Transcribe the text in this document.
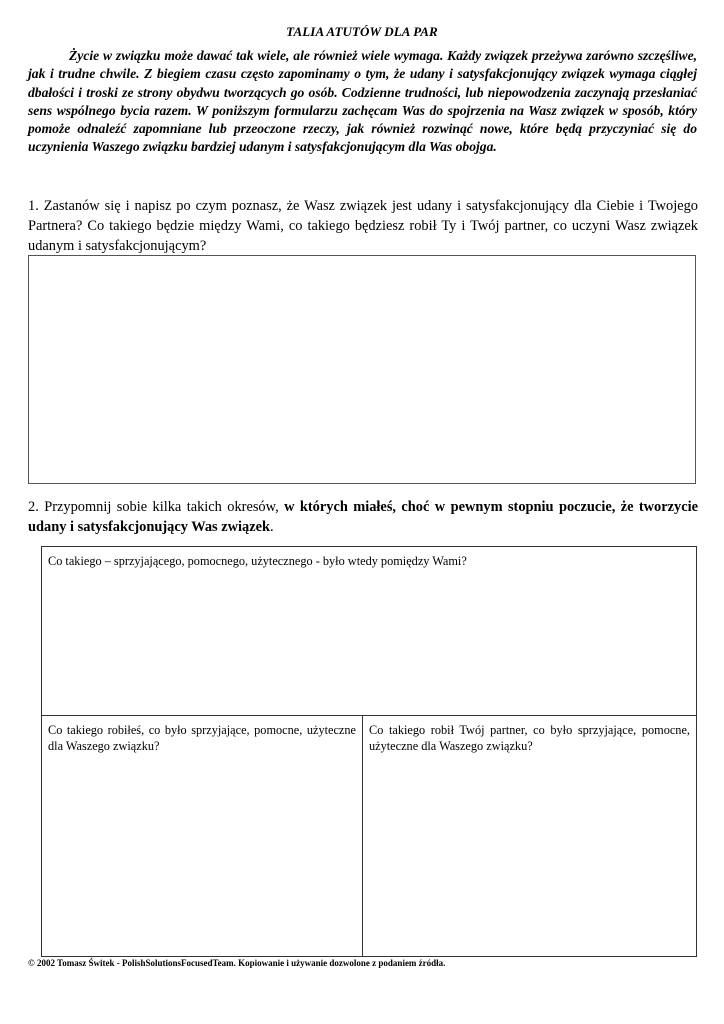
TALIA ATUTÓW DLA PAR

Życie w związku może dawać tak wiele, ale również wiele wymaga. Każdy związek przeżywa zarówno szczęśliwe, jak i trudne chwile. Z biegiem czasu często zapominamy o tym, że udany i satysfakcjonujący związek wymaga ciągłej dbałości i troski ze strony obydwu tworzących go osób. Codzienne trudności, lub niepowodzenia zaczynają przesłaniać sens wspólnego bycia razem. W poniższym formularzu zachęcam Was do spojrzenia na Wasz związek w sposób, który pomoże odnaleźć zapomniane lub przeoczone rzeczy, jak również rozwinąć nowe, które będą przyczyniać się do uczynienia Waszego związku bardziej udanym i satysfakcjonującym dla Was obojga.

1. Zastanów się i napisz po czym poznasz, że Wasz związek jest udany i satysfakcjonujący dla Ciebie i Twojego Partnera? Co takiego będzie między Wami, co takiego będziesz robił Ty i Twój partner, co uczyni Wasz związek udanym i satysfakcjonującym?

2. Przypomnij sobie kilka takich okresów, w których miałeś, choć w pewnym stopniu poczucie, że tworzycie udany i satysfakcjonujący Was związek.

Co takiego – sprzyjającego, pomocnego, użytecznego - było wtedy pomiędzy Wami?

Co takiego robiłeś, co było sprzyjające, pomocne, użyteczne dla Waszego związku?

Co takiego robił Twój partner, co było sprzyjające, pomocne, użyteczne dla Waszego związku?

© 2002 Tomasz Świtek - PolishSolutionsFocusedTeam. Kopiowanie i używanie dozwolone z podaniem źródła.
